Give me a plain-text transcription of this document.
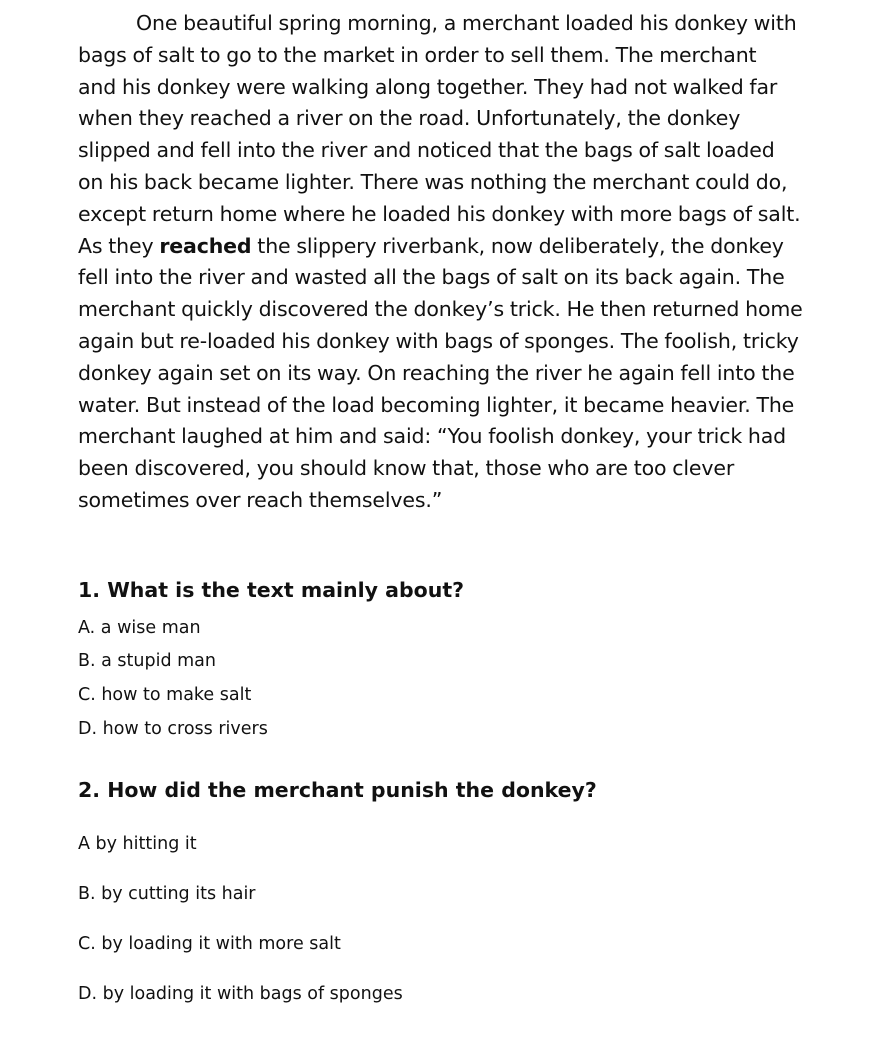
One beautiful spring morning, a merchant loaded his donkey with
bags of salt to go to the market in order to sell them. The merchant
and his donkey were walking along together. They had not walked far
when they reached a river on the road. Unfortunately, the donkey
slipped and fell into the river and noticed that the bags of salt loaded
on his back became lighter. There was nothing the merchant could do,
except return home where he loaded his donkey with more bags of salt.
As they reached the slippery riverbank, now deliberately, the donkey
fell into the river and wasted all the bags of salt on its back again. The
merchant quickly discovered the donkey’s trick. He then returned home
again but re-loaded his donkey with bags of sponges. The foolish, tricky
donkey again set on its way. On reaching the river he again fell into the
water. But instead of the load becoming lighter, it became heavier. The
merchant laughed at him and said: “You foolish donkey, your trick had
been discovered, you should know that, those who are too clever
sometimes over reach themselves.”
1. What is the text mainly about?
A. a wise man
B. a stupid man
C. how to make salt
D. how to cross rivers
2. How did the merchant punish the donkey?
A by hitting it
B. by cutting its hair
C. by loading it with more salt
D. by loading it with bags of sponges
